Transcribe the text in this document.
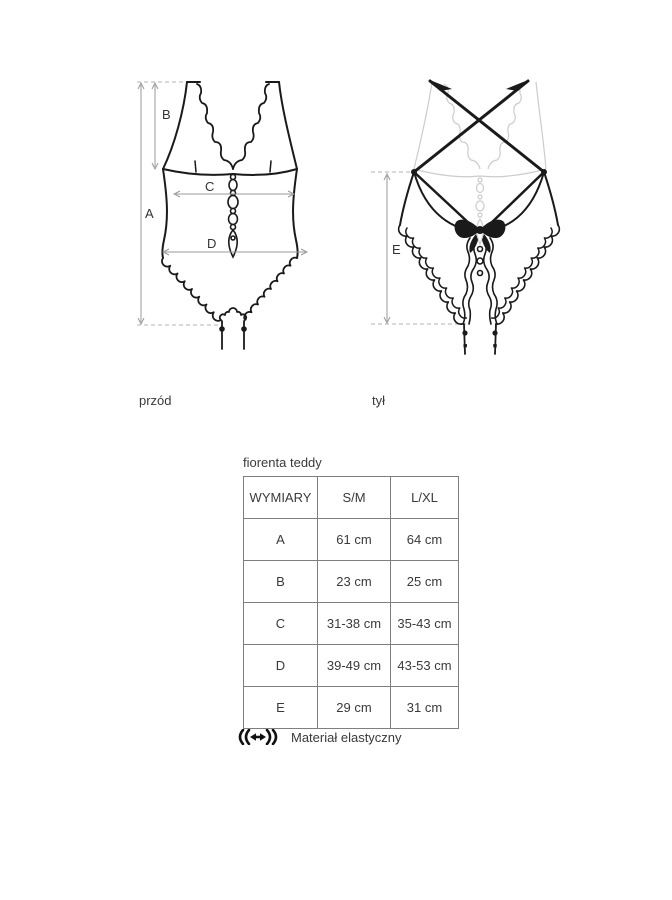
A
B
C
D	E
przód	tył
fiorenta teddy
WYMIARY	S/M	L/XL
A	61 cm	64 cm
B	23 cm	25 cm
C	31-38 cm	35-43 cm
D	39-49 cm	43-53 cm
E	29 cm	31 cm
Materiał elastyczny
